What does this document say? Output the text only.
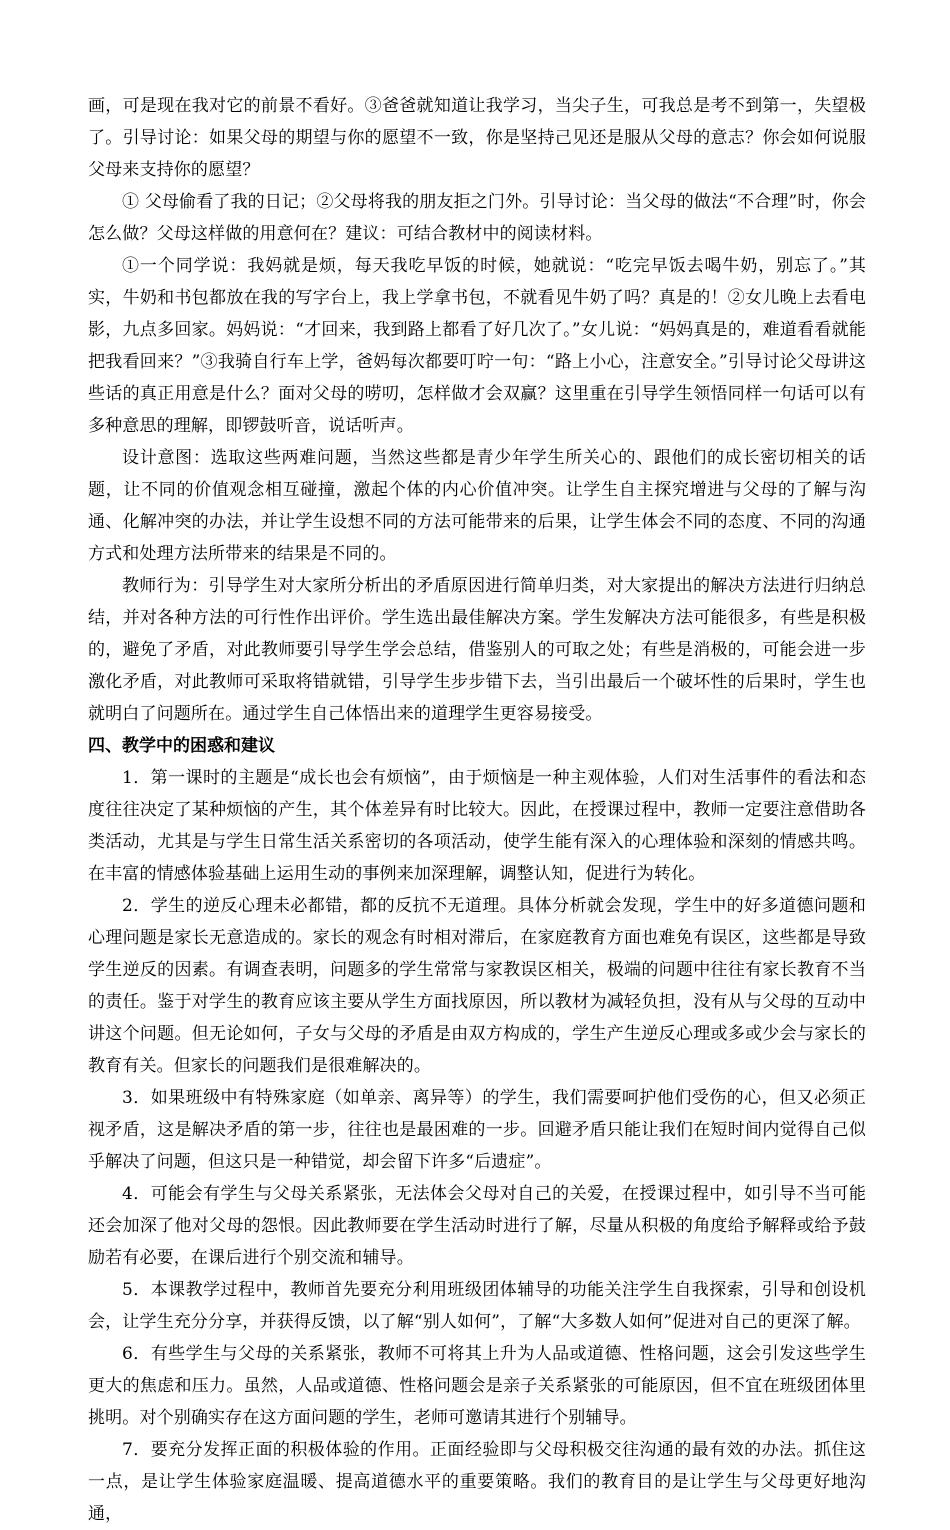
画，可是现在我对它的前景不看好。③爸爸就知道让我学习，当尖子生，可我总是考不到第一，失望极了。引导讨论：如果父母的期望与你的愿望不一致，你是坚持己见还是服从父母的意志？你会如何说服父母来支持你的愿望？

① 父母偷看了我的日记；②父母将我的朋友拒之门外。引导讨论：当父母的做法“不合理”时，你会怎么做？父母这样做的用意何在？建议：可结合教材中的阅读材料。

①一个同学说：我妈就是烦，每天我吃早饭的时候，她就说：“吃完早饭去喝牛奶，别忘了。”其实，牛奶和书包都放在我的写字台上，我上学拿书包，不就看见牛奶了吗？真是的！②女儿晚上去看电影，九点多回家。妈妈说：“才回来，我到路上都看了好几次了。”女儿说：“妈妈真是的，难道看看就能把我看回来？”③我骑自行车上学，爸妈每次都要叮咛一句：“路上小心，注意安全。”引导讨论父母讲这些话的真正用意是什么？面对父母的唠叨，怎样做才会双赢？这里重在引导学生领悟同样一句话可以有多种意思的理解，即锣鼓听音，说话听声。

设计意图：选取这些两难问题，当然这些都是青少年学生所关心的、跟他们的成长密切相关的话题，让不同的价值观念相互碰撞，激起个体的内心价值冲突。让学生自主探究增进与父母的了解与沟通、化解冲突的办法，并让学生设想不同的方法可能带来的后果，让学生体会不同的态度、不同的沟通方式和处理方法所带来的结果是不同的。

教师行为：引导学生对大家所分析出的矛盾原因进行简单归类，对大家提出的解决方法进行归纳总结，并对各种方法的可行性作出评价。学生选出最佳解决方案。学生发解决方法可能很多，有些是积极的，避免了矛盾，对此教师要引导学生学会总结，借鉴别人的可取之处；有些是消极的，可能会进一步激化矛盾，对此教师可采取将错就错，引导学生步步错下去，当引出最后一个破坏性的后果时，学生也就明白了问题所在。通过学生自己体悟出来的道理学生更容易接受。

四、教学中的困惑和建议

1．第一课时的主题是“成长也会有烦恼”，由于烦恼是一种主观体验，人们对生活事件的看法和态度往往决定了某种烦恼的产生，其个体差异有时比较大。因此，在授课过程中，教师一定要注意借助各类活动，尤其是与学生日常生活关系密切的各项活动，使学生能有深入的心理体验和深刻的情感共鸣。在丰富的情感体验基础上运用生动的事例来加深理解，调整认知，促进行为转化。

2．学生的逆反心理未必都错，都的反抗不无道理。具体分析就会发现，学生中的好多道德问题和心理问题是家长无意造成的。家长的观念有时相对滞后，在家庭教育方面也难免有误区，这些都是导致学生逆反的因素。有调查表明，问题多的学生常常与家教误区相关，极端的问题中往往有家长教育不当的责任。鉴于对学生的教育应该主要从学生方面找原因，所以教材为减轻负担，没有从与父母的互动中讲这个问题。但无论如何，子女与父母的矛盾是由双方构成的，学生产生逆反心理或多或少会与家长的教育有关。但家长的问题我们是很难解决的。

3．如果班级中有特殊家庭（如单亲、离异等）的学生，我们需要呵护他们受伤的心，但又必须正视矛盾，这是解决矛盾的第一步，往往也是最困难的一步。回避矛盾只能让我们在短时间内觉得自己似乎解决了问题，但这只是一种错觉，却会留下许多“后遗症”。

4．可能会有学生与父母关系紧张，无法体会父母对自己的关爱，在授课过程中，如引导不当可能还会加深了他对父母的怨恨。因此教师要在学生活动时进行了解，尽量从积极的角度给予解释或给予鼓励若有必要，在课后进行个别交流和辅导。

5．本课教学过程中，教师首先要充分利用班级团体辅导的功能关注学生自我探索，引导和创设机会，让学生充分分享，并获得反馈，以了解“别人如何”，了解“大多数人如何”促进对自己的更深了解。

6．有些学生与父母的关系紧张，教师不可将其上升为人品或道德、性格问题，这会引发这些学生更大的焦虑和压力。虽然，人品或道德、性格问题会是亲子关系紧张的可能原因，但不宜在班级团体里挑明。对个别确实存在这方面问题的学生，老师可邀请其进行个别辅导。

7．要充分发挥正面的积极体验的作用。正面经验即与父母积极交往沟通的最有效的办法。抓住这一点，是让学生体验家庭温暖、提高道德水平的重要策略。我们的教育目的是让学生与父母更好地沟通，
